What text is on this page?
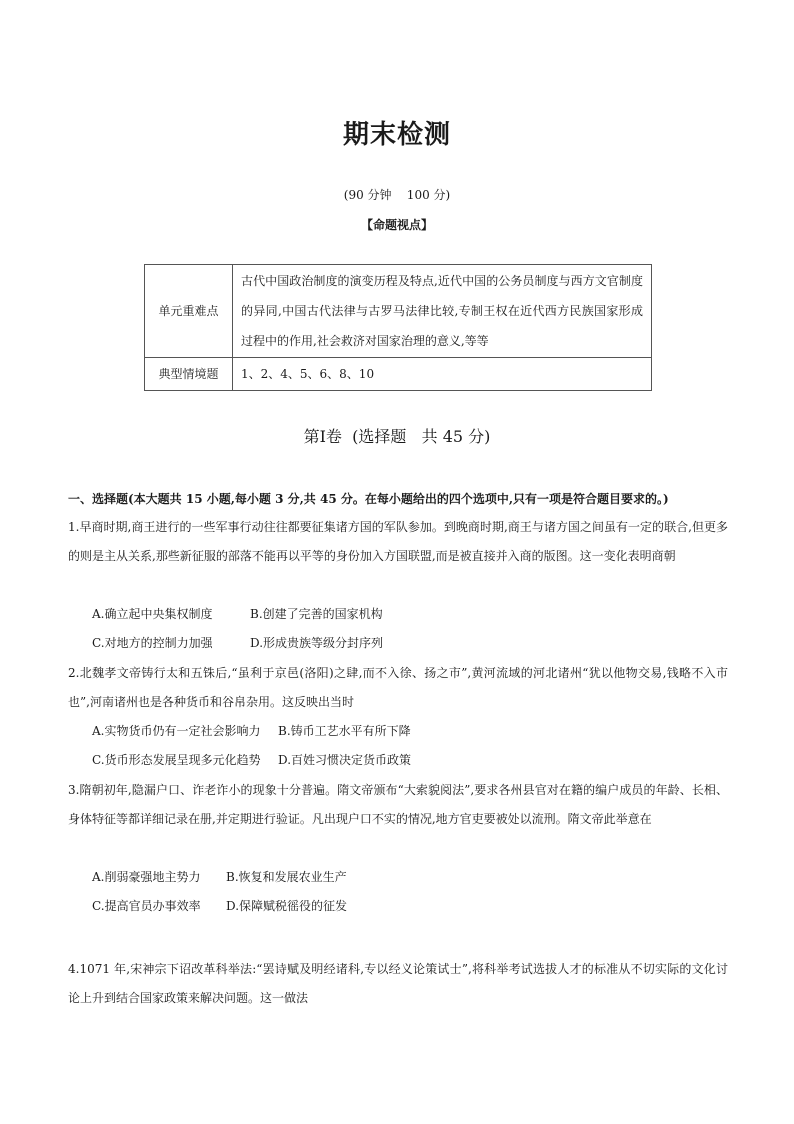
期末检测
(90 分钟    100 分)
【命题视点】
单元重难点	古代中国政治制度的演变历程及特点,近代中国的公务员制度与西方文官制度的异同,中国古代法律与古罗马法律比较,专制王权在近代西方民族国家形成过程中的作用,社会救济对国家治理的意义,等等
典型情境题	1、2、4、5、6、8、10
第Ⅰ卷  (选择题   共 45 分)
一、选择题(本大题共 15 小题,每小题 3 分,共 45 分。在每小题给出的四个选项中,只有一项是符合题目要求的。)
1.早商时期,商王进行的一些军事行动往往都要征集诸方国的军队参加。到晚商时期,商王与诸方国之间虽有一定的联合,但更多的则是主从关系,那些新征服的部落不能再以平等的身份加入方国联盟,而是被直接并入商的版图。这一变化表明商朝
A.确立起中央集权制度	B.创建了完善的国家机构
C.对地方的控制力加强	D.形成贵族等级分封序列
2.北魏孝文帝铸行太和五铢后,“虽利于京邑(洛阳)之肆,而不入徐、扬之市”,黄河流域的河北诸州“犹以他物交易,钱略不入市也”,河南诸州也是各种货币和谷帛杂用。这反映出当时
A.实物货币仍有一定社会影响力 B.铸币工艺水平有所下降
C.货币形态发展呈现多元化趋势 D.百姓习惯决定货币政策
3.隋朝初年,隐漏户口、诈老诈小的现象十分普遍。隋文帝颁布“大索貌阅法”,要求各州县官对在籍的编户成员的年龄、长相、身体特征等都详细记录在册,并定期进行验证。凡出现户口不实的情况,地方官吏要被处以流刑。隋文帝此举意在
A.削弱豪强地主势力 B.恢复和发展农业生产
C.提高官员办事效率 D.保障赋税徭役的征发
4.1071 年,宋神宗下诏改革科举法:“罢诗赋及明经诸科,专以经义论策试士”,将科举考试选拔人才的标准从不切实际的文化讨论上升到结合国家政策来解决问题。这一做法
